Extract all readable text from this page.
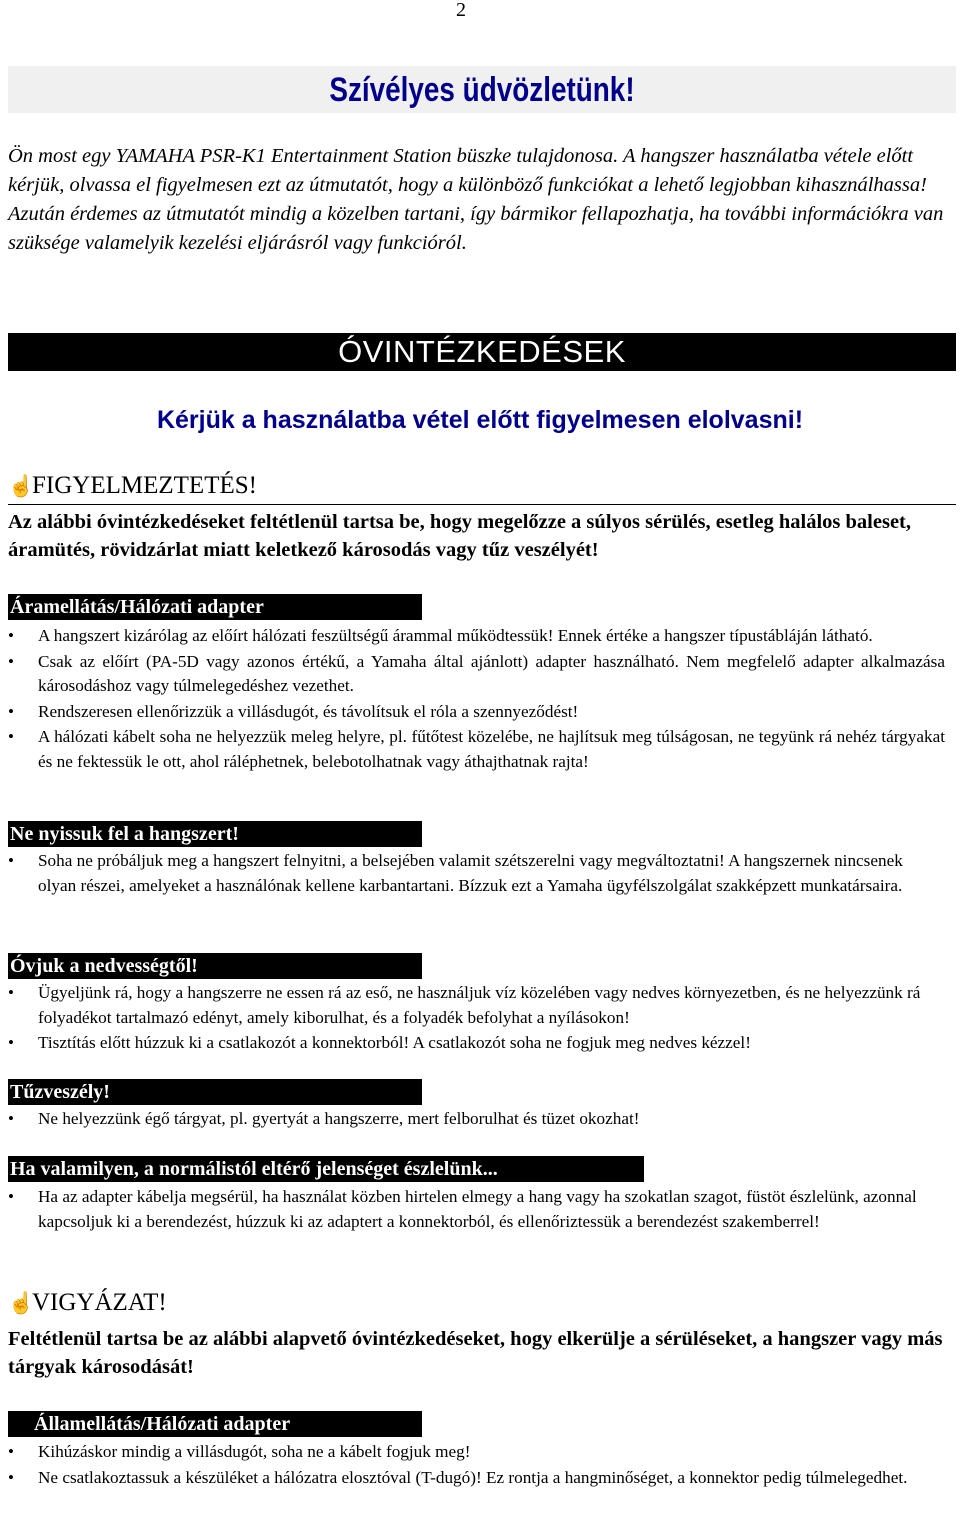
2
Szívélyes üdvözletünk!
Ön most egy YAMAHA PSR-K1 Entertainment Station büszke tulajdonosa. A hangszer használatba vétele előtt kérjük, olvassa el figyelmesen ezt az útmutatót, hogy a különböző funkciókat a lehető legjobban kihasználhassa! Azután érdemes az útmutatót mindig a közelben tartani, így bármikor fellapozhatja, ha további információkra van szüksége valamelyik kezelési eljárásról vagy funkcióról.
ÓVINTÉZKEDÉSEK
Kérjük a használatba vétel előtt figyelmesen elolvasni!
☝FIGYELMEZTETÉS!
Az alábbi óvintézkedéseket feltétlenül tartsa be, hogy megelőzze a súlyos sérülés, esetleg halálos baleset, áramütés, rövidzárlat miatt keletkező károsodás vagy tűz veszélyét!
Áramellátás/Hálózati adapter
•	A hangszert kizárólag az előírt hálózati feszültségű árammal működtessük! Ennek értéke a hangszer típustábláján látható.
•	Csak az előírt (PA-5D vagy azonos értékű, a Yamaha által ajánlott) adapter használható. Nem megfelelő adapter alkalmazása károsodáshoz vagy túlmelegedéshez vezethet.
•	Rendszeresen ellenőrizzük a villásdugót, és távolítsuk el róla a szennyeződést!
•	A hálózati kábelt soha ne helyezzük meleg helyre, pl. fűtőtest közelébe, ne hajlítsuk meg túlságosan, ne tegyünk rá nehéz tárgyakat és ne fektessük le ott, ahol ráléphetnek, belebotolhatnak vagy áthajthatnak rajta!
Ne nyissuk fel a hangszert!
•	Soha ne próbáljuk meg a hangszert felnyitni, a belsejében valamit szétszerelni vagy megváltoztatni! A hangszernek nincsenek olyan részei, amelyeket a használónak kellene karbantartani. Bízzuk ezt a Yamaha ügyfélszolgálat szakképzett munkatársaira.
Óvjuk a nedvességtől!
•	Ügyeljünk rá, hogy a hangszerre ne essen rá az eső, ne használjuk víz közelében vagy nedves környezetben, és ne helyezzünk rá folyadékot tartalmazó edényt, amely kiborulhat, és a folyadék befolyhat a nyílásokon!
•	Tisztítás előtt húzzuk ki a csatlakozót a konnektorból! A csatlakozót soha ne fogjuk meg nedves kézzel!
Tűzveszély!
•	Ne helyezzünk égő tárgyat, pl. gyertyát a hangszerre, mert felborulhat és tüzet okozhat!
Ha valamilyen, a normálistól eltérő jelenséget észlelünk...
•	Ha az adapter kábelja megsérül, ha használat közben hirtelen elmegy a hang vagy ha szokatlan szagot, füstöt észlelünk, azonnal kapcsoljuk ki a berendezést, húzzuk ki az adaptert a konnektorból, és ellenőriztessük a berendezést szakemberrel!
☝VIGYÁZAT!
Feltétlenül tartsa be az alábbi alapvető óvintézkedéseket, hogy elkerülje a sérüléseket, a hangszer vagy más tárgyak károsodását!
Államellátás/Hálózati adapter
•	Kihúzáskor mindig a villásdugót, soha ne a kábelt fogjuk meg!
•	Ne csatlakoztassuk a készüléket a hálózatra elosztóval (T-dugó)! Ez rontja a hangminőséget, a konnektor pedig túlmelegedhet.
